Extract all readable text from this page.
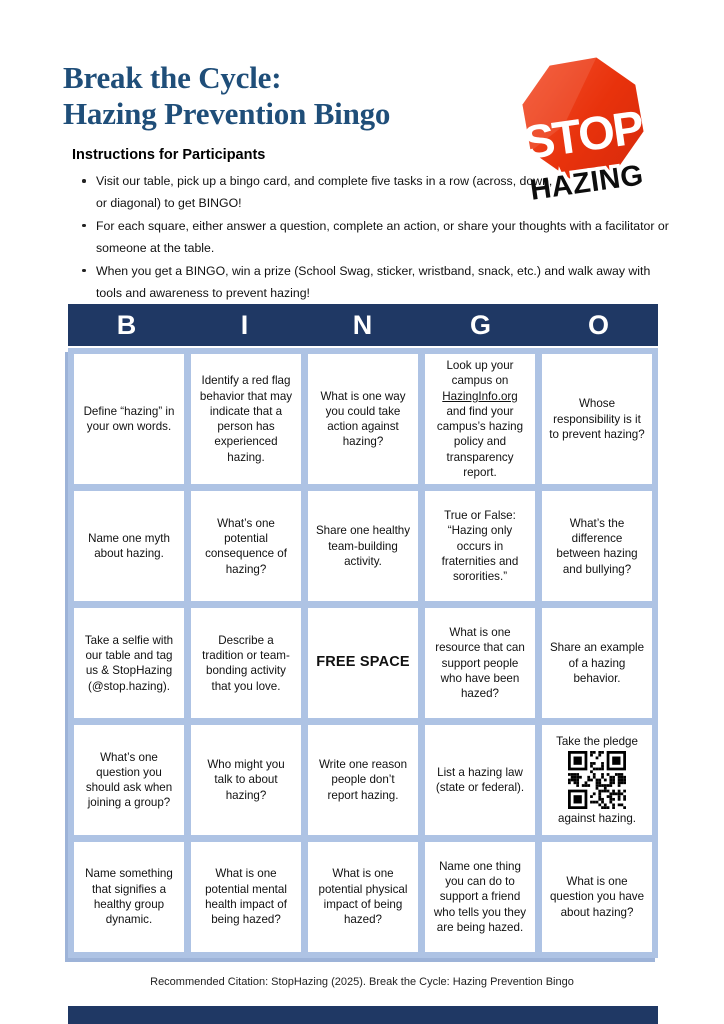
Break the Cycle:
Hazing Prevention Bingo	STOP
HAZING
Instructions for Participants
Visit our table, pick up a bingo card, and complete five tasks in a row (across, down, or diagonal) to get BINGO!
For each square, either answer a question, complete an action, or share your thoughts with a facilitator or someone at the table.
When you get a BINGO, win a prize (School Swag, sticker, wristband, snack, etc.) and walk away with tools and awareness to prevent hazing!
B	I	N	G	O
Define “hazing” in your own words.
Identify a red flag behavior that may indicate that a person has experienced hazing.
What is one way you could take action against hazing?
Look up your campus on HazingInfo.org and find your campus’s hazing policy and transparency report.
Whose responsibility is it to prevent hazing?
Name one myth about hazing.
What’s one potential consequence of hazing?
Share one healthy team-building activity.
True or False: “Hazing only occurs in fraternities and sororities.”
What’s the difference between hazing and bullying?
Take a selfie with our table and tag us & StopHazing (@stop.hazing).
Describe a tradition or team-bonding activity that you love.
FREE SPACE
What is one resource that can support people who have been hazed?
Share an example of a hazing behavior.
What’s one question you should ask when joining a group?
Who might you talk to about hazing?
Write one reason people don’t report hazing.
List a hazing law (state or federal).
Take the pledge
against hazing.
Name something that signifies a healthy group dynamic.
What is one potential mental health impact of being hazed?
What is one potential physical impact of being hazed?
Name one thing you can do to support a friend who tells you they are being hazed.
What is one question you have about hazing?
Recommended Citation: StopHazing (2025). Break the Cycle: Hazing Prevention Bingo
